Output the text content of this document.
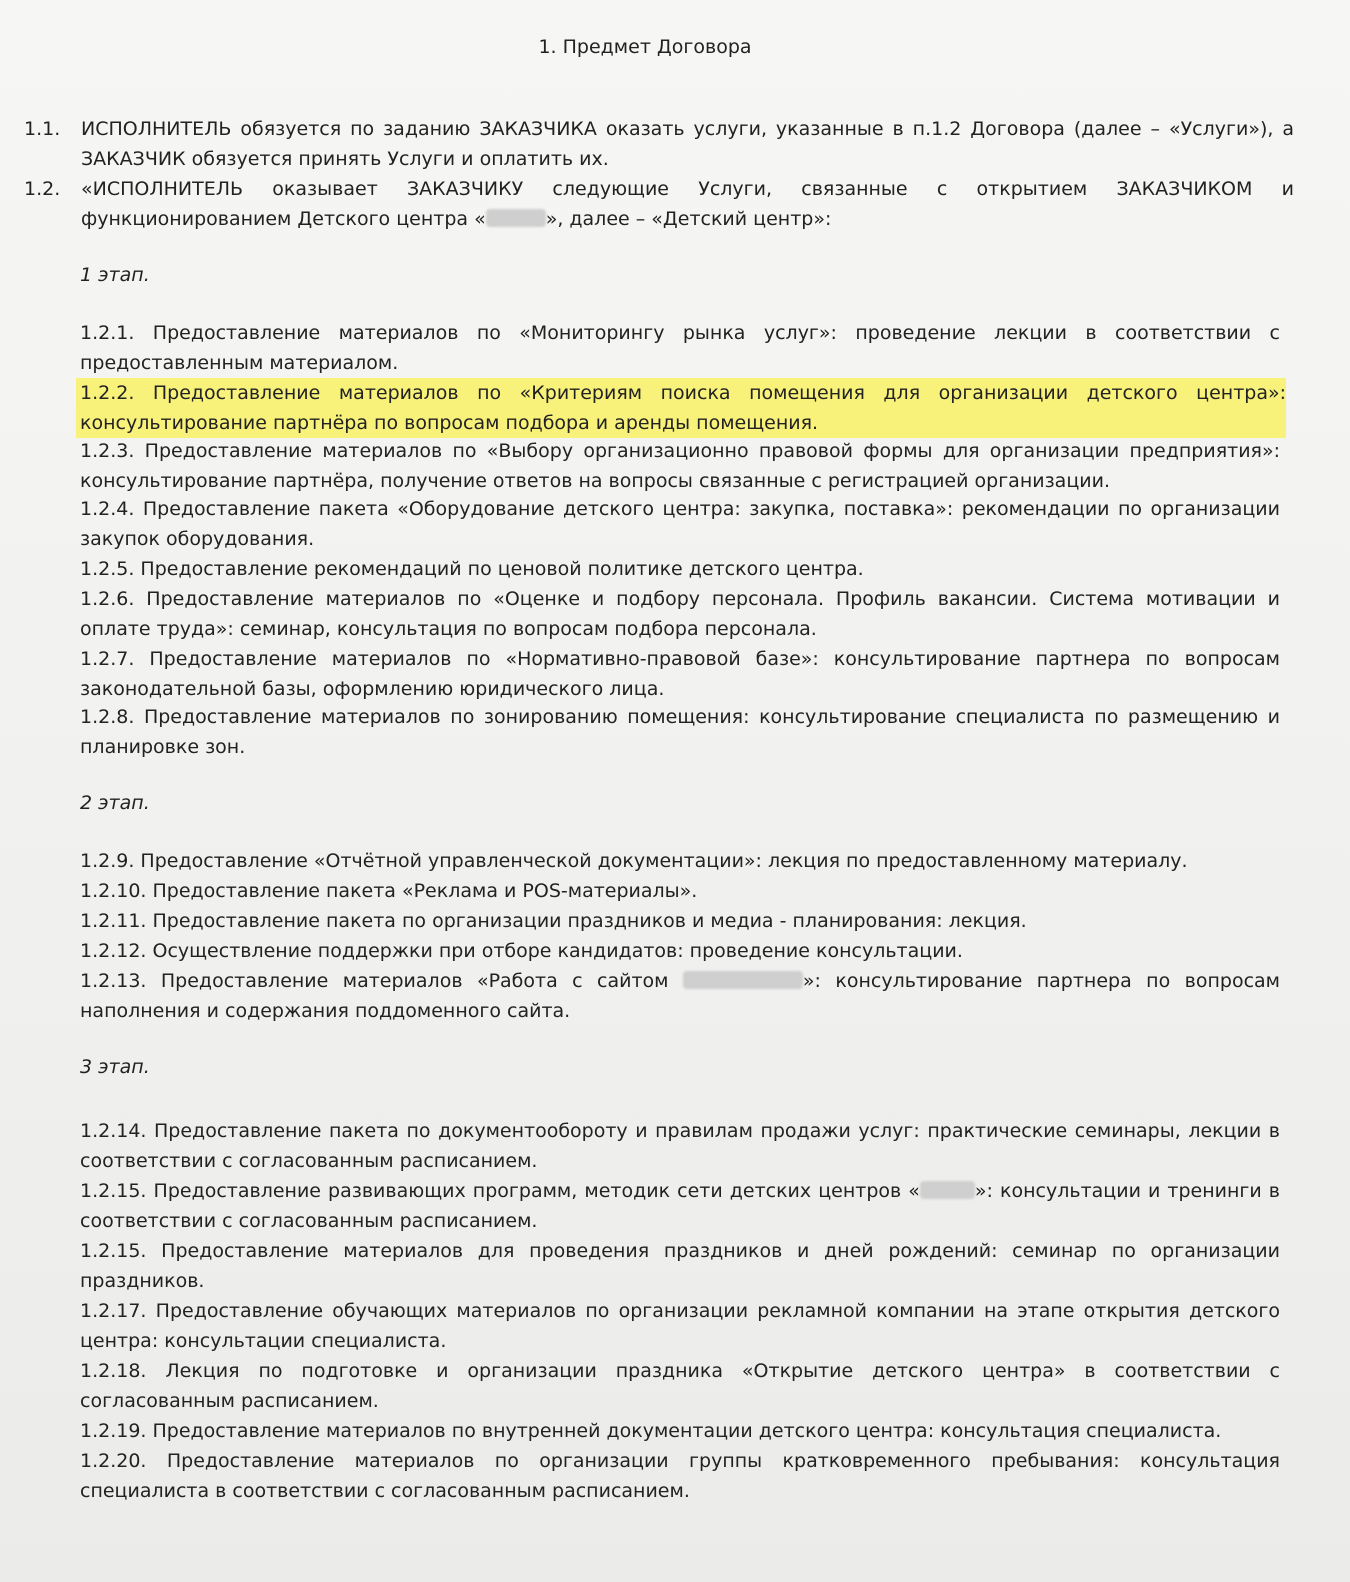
1. Предмет Договора
1.1. ИСПОЛНИТЕЛЬ обязуется по заданию ЗАКАЗЧИКА оказать услуги, указанные в п.1.2 Договора (далее – «Услуги»), а ЗАКАЗЧИК обязуется принять Услуги и оплатить их.
1.2. «ИСПОЛНИТЕЛЬ оказывает ЗАКАЗЧИКУ следующие Услуги, связанные с открытием ЗАКАЗЧИКОМ и функционированием Детского центра «	», далее – «Детский центр»:
1 этап.
1.2.1. Предоставление материалов по «Мониторингу рынка услуг»: проведение лекции в соответствии с предоставленным материалом.
1.2.2. Предоставление материалов по «Критериям поиска помещения для организации детского центра»: консультирование партнёра по вопросам подбора и аренды помещения.
1.2.3. Предоставление материалов по «Выбору организационно правовой формы для организации предприятия»: консультирование партнёра, получение ответов на вопросы связанные с регистрацией организации.
1.2.4. Предоставление пакета «Оборудование детского центра: закупка, поставка»: рекомендации по организации закупок оборудования.
1.2.5. Предоставление рекомендаций по ценовой политике детского центра.
1.2.6. Предоставление материалов по «Оценке и подбору персонала. Профиль вакансии. Система мотивации и оплате труда»: семинар, консультация по вопросам подбора персонала.
1.2.7. Предоставление материалов по «Нормативно-правовой базе»: консультирование партнера по вопросам законодательной базы, оформлению юридического лица.
1.2.8. Предоставление материалов по зонированию помещения: консультирование специалиста по размещению и планировке зон.
2 этап.
1.2.9. Предоставление «Отчётной управленческой документации»: лекция по предоставленному материалу.
1.2.10. Предоставление пакета «Реклама и POS-материалы».
1.2.11. Предоставление пакета по организации праздников и медиа - планирования: лекция.
1.2.12. Осуществление поддержки при отборе кандидатов: проведение консультации.
1.2.13. Предоставление материалов «Работа с сайтом	»: консультирование партнера по вопросам наполнения и содержания поддоменного сайта.
3 этап.
1.2.14. Предоставление пакета по документообороту и правилам продажи услуг: практические семинары, лекции в соответствии с согласованным расписанием.
1.2.15. Предоставление развивающих программ, методик сети детских центров «	»: консультации и тренинги в соответствии с согласованным расписанием.
1.2.15. Предоставление материалов для проведения праздников и дней рождений: семинар по организации праздников.
1.2.17. Предоставление обучающих материалов по организации рекламной компании на этапе открытия детского центра: консультации специалиста.
1.2.18. Лекция по подготовке и организации праздника «Открытие детского центра» в соответствии с согласованным расписанием.
1.2.19. Предоставление материалов по внутренней документации детского центра: консультация специалиста.
1.2.20. Предоставление материалов по организации группы кратковременного пребывания: консультация специалиста в соответствии с согласованным расписанием.
